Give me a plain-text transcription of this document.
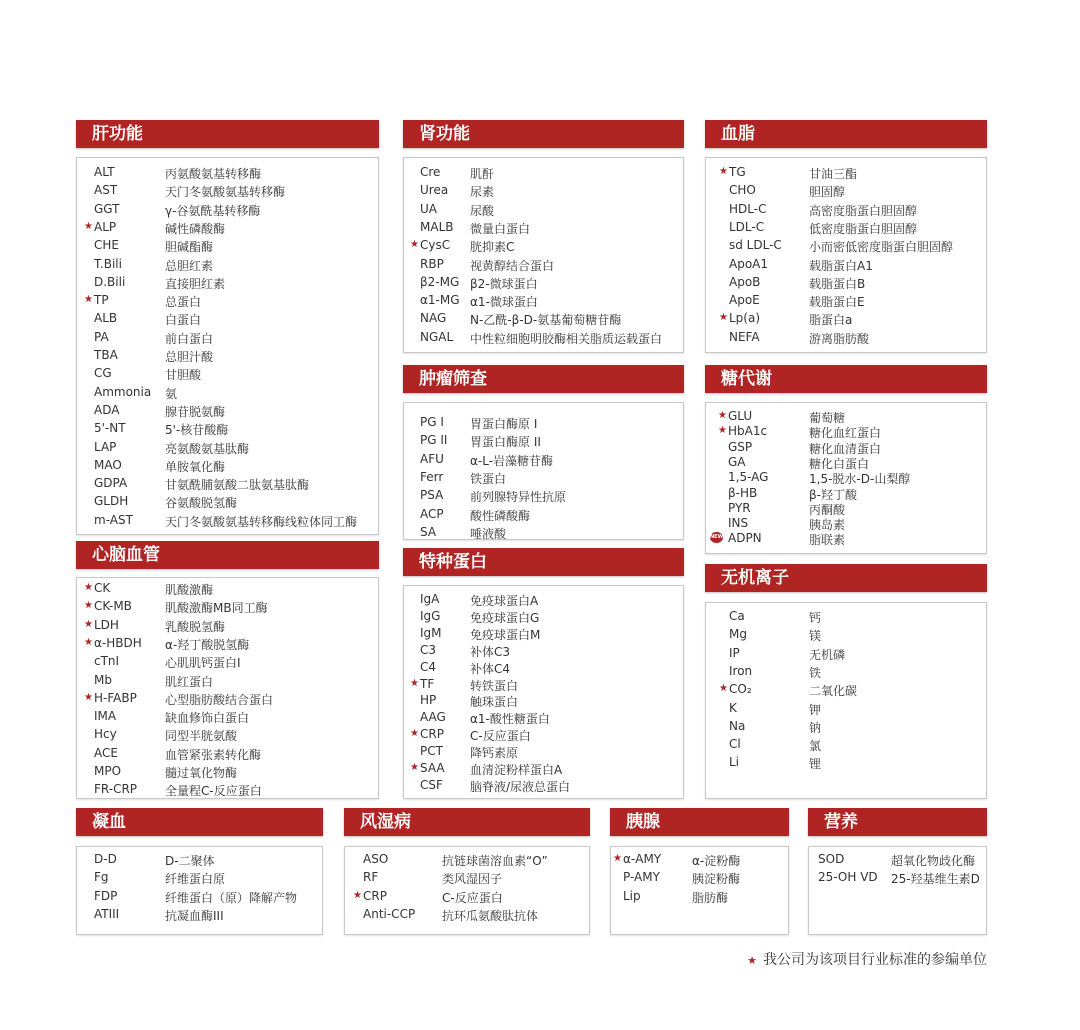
肝功能
ALT	丙氨酸氨基转移酶
AST	天门冬氨酸氨基转移酶
GGT	γ-谷氨酰基转移酶
★ ALP	碱性磷酸酶
CHE	胆碱酯酶
T.Bili	总胆红素
D.Bili	直接胆红素
★ TP	总蛋白
ALB	白蛋白
PA	前白蛋白
TBA	总胆汁酸
CG	甘胆酸
Ammonia 氨
ADA	腺苷脱氨酶
5'-NT	5'-核苷酸酶
LAP	亮氨酸氨基肽酶
MAO	单胺氧化酶
GDPA	甘氨酰脯氨酸二肽氨基肽酶
GLDH	谷氨酸脱氢酶
m-AST	天门冬氨酸氨基转移酶线粒体同工酶
心脑血管
★ CK	肌酸激酶
★ CK-MB	肌酸激酶MB同工酶
★ LDH	乳酸脱氢酶
★ α-HBDH α-羟丁酸脱氢酶
cTnI	心肌肌钙蛋白I
Mb	肌红蛋白
★ H-FABP 心型脂肪酸结合蛋白
IMA	缺血修饰白蛋白
Hcy	同型半胱氨酸
ACE	血管紧张素转化酶
MPO	髓过氧化物酶
FR-CRP 全量程C-反应蛋白
肾功能
Cre 肌酐
Urea 尿素
UA	尿酸
MALB 微量白蛋白
★ CysC 胱抑素C
RBP 视黄醇结合蛋白
β2-MG β2-微球蛋白
α1-MG α1-微球蛋白
NAG N-乙酰-β-D-氨基葡萄糖苷酶
NGAL 中性粒细胞明胶酶相关脂质运载蛋白
肿瘤筛查
PG I 胃蛋白酶原 I
PG II 胃蛋白酶原 II
AFU α-L-岩藻糖苷酶
Ferr 铁蛋白
PSA 前列腺特异性抗原
ACP 酸性磷酸酶
SA	唾液酸
特种蛋白
IgA	免疫球蛋白A
IgG 免疫球蛋白G
IgM 免疫球蛋白M
C3	补体C3
C4	补体C4
★ TF	转铁蛋白
HP	触珠蛋白
AAG α1-酸性糖蛋白
★ CRP C-反应蛋白
PCT 降钙素原
★ SAA 血清淀粉样蛋白A
CSF 脑脊液/尿液总蛋白
血脂
★ TG	甘油三酯
CHO	胆固醇
HDL-C	高密度脂蛋白胆固醇
LDL-C	低密度脂蛋白胆固醇
sd LDL-C 小而密低密度脂蛋白胆固醇
ApoA1	载脂蛋白A1
ApoB	载脂蛋白B
ApoE	载脂蛋白E
★ Lp(a)	脂蛋白a
NEFA	游离脂肪酸
糖代谢
★ GLU	葡萄糖
★ HbA1c	糖化血红蛋白
GSP	糖化血清蛋白
GA	糖化白蛋白
1,5-AG	1,5-脱水-D-山梨醇
β-HB	β-羟丁酸
PYR	丙酮酸
INS	胰岛素
NEW ADPN	脂联素
无机离子
Ca	钙
Mg	镁
IP	无机磷
Iron	铁
★ CO₂	二氧化碳
K	钾
Na	钠
Cl	氯
Li	锂
凝血
D-D	D-二聚体
Fg	纤维蛋白原
FDP	纤维蛋白（原）降解产物
ATIII	抗凝血酶III
风湿病
ASO	抗链球菌溶血素“O”
RF	类风湿因子
★ CRP	C-反应蛋白
Anti-CCP 抗环瓜氨酸肽抗体
胰腺
★ α-AMY	α-淀粉酶
P-AMY	胰淀粉酶
Lip	脂肪酶
营养
SOD	超氧化物歧化酶
25-OH VD 25-羟基维生素D
★ 我公司为该项目行业标准的参编单位
